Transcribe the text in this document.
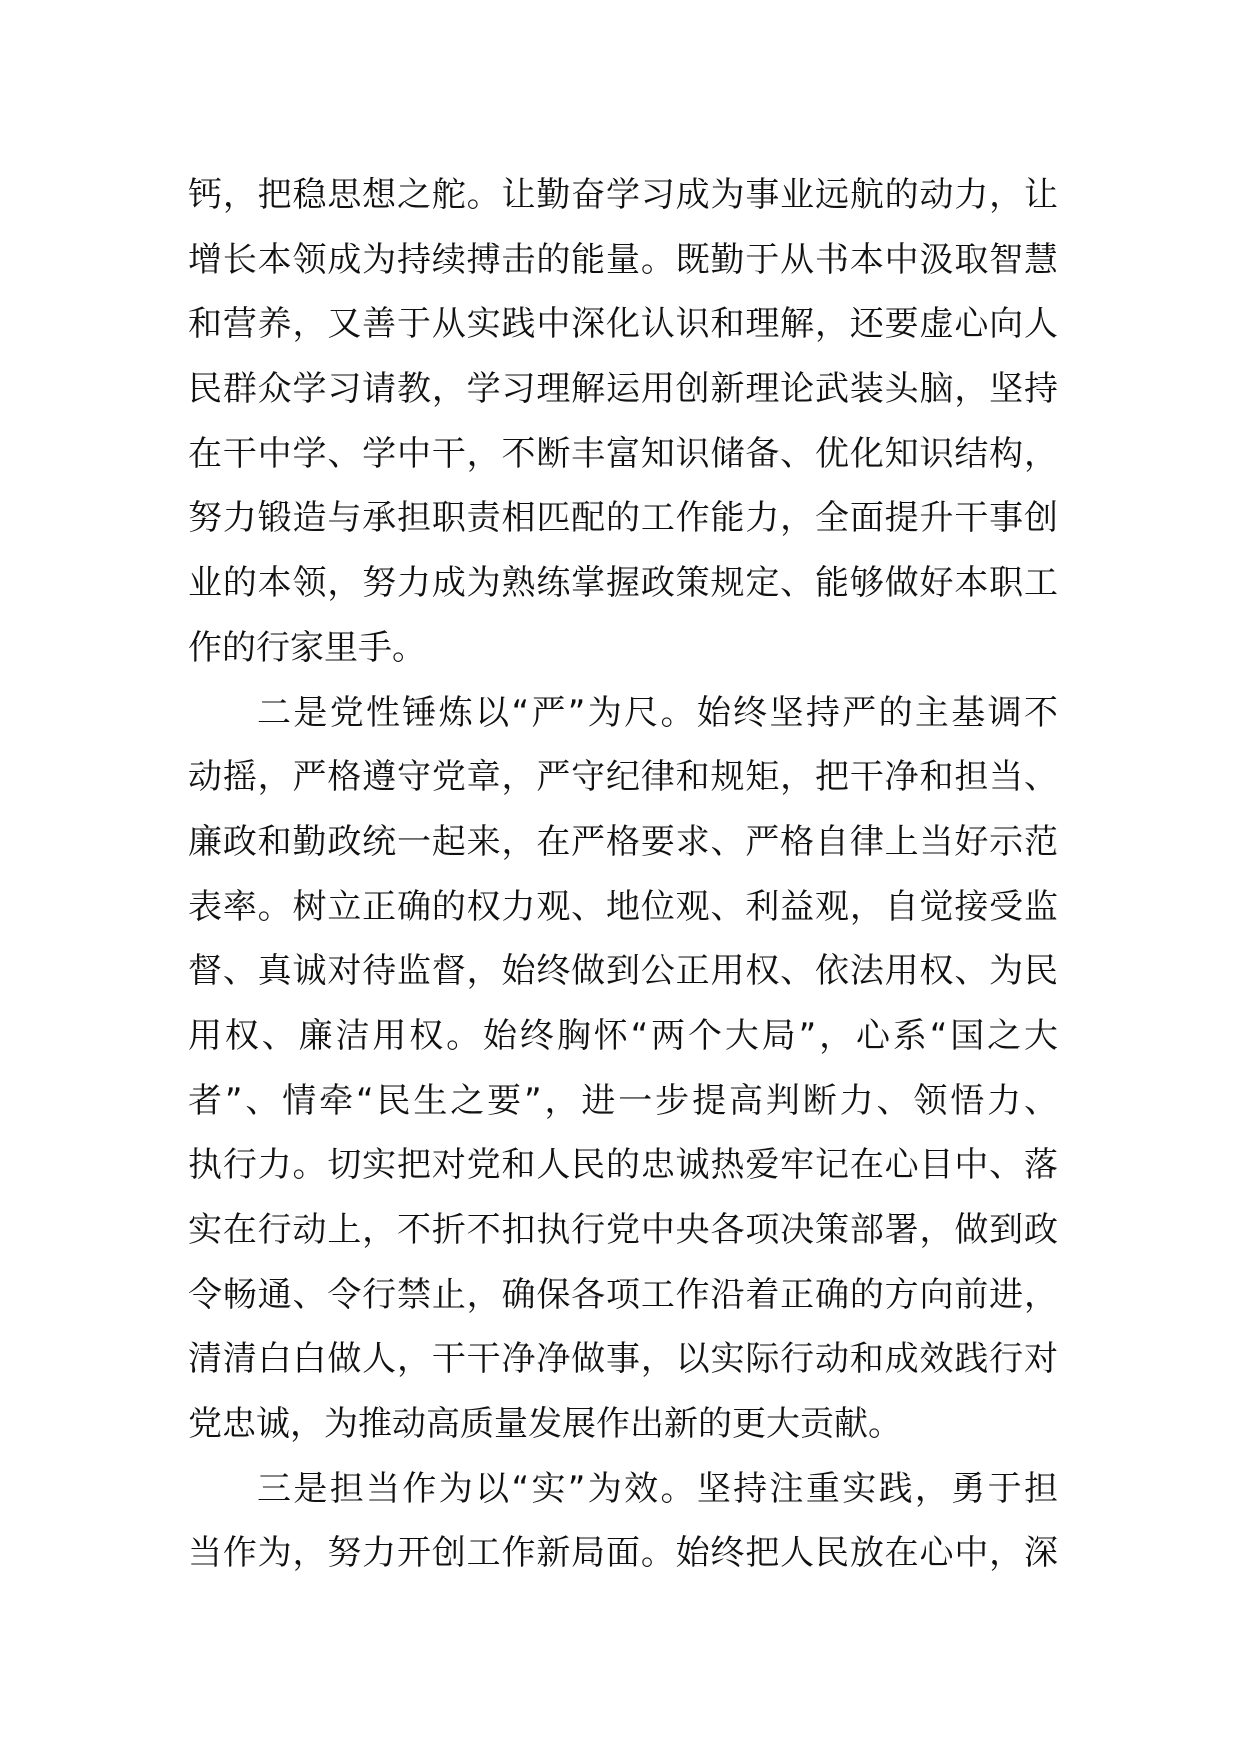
钙，把稳思想之舵。让勤奋学习成为事业远航的动力，让
增长本领成为持续搏击的能量。既勤于从书本中汲取智慧
和营养，又善于从实践中深化认识和理解，还要虚心向人
民群众学习请教，学习理解运用创新理论武装头脑，坚持
在干中学、学中干，不断丰富知识储备、优化知识结构，
努力锻造与承担职责相匹配的工作能力，全面提升干事创
业的本领，努力成为熟练掌握政策规定、能够做好本职工
作的行家里手。
二是党性锤炼以“严”为尺。始终坚持严的主基调不
动摇，严格遵守党章，严守纪律和规矩，把干净和担当、
廉政和勤政统一起来，在严格要求、严格自律上当好示范
表率。树立正确的权力观、地位观、利益观，自觉接受监
督、真诚对待监督，始终做到公正用权、依法用权、为民
用权、廉洁用权。始终胸怀“两个大局”，心系“国之大
者”、情牵“民生之要”，进一步提高判断力、领悟力、
执行力。切实把对党和人民的忠诚热爱牢记在心目中、落
实在行动上，不折不扣执行党中央各项决策部署，做到政
令畅通、令行禁止，确保各项工作沿着正确的方向前进，
清清白白做人，干干净净做事，以实际行动和成效践行对
党忠诚，为推动高质量发展作出新的更大贡献。
三是担当作为以“实”为效。坚持注重实践，勇于担
当作为，努力开创工作新局面。始终把人民放在心中，深
